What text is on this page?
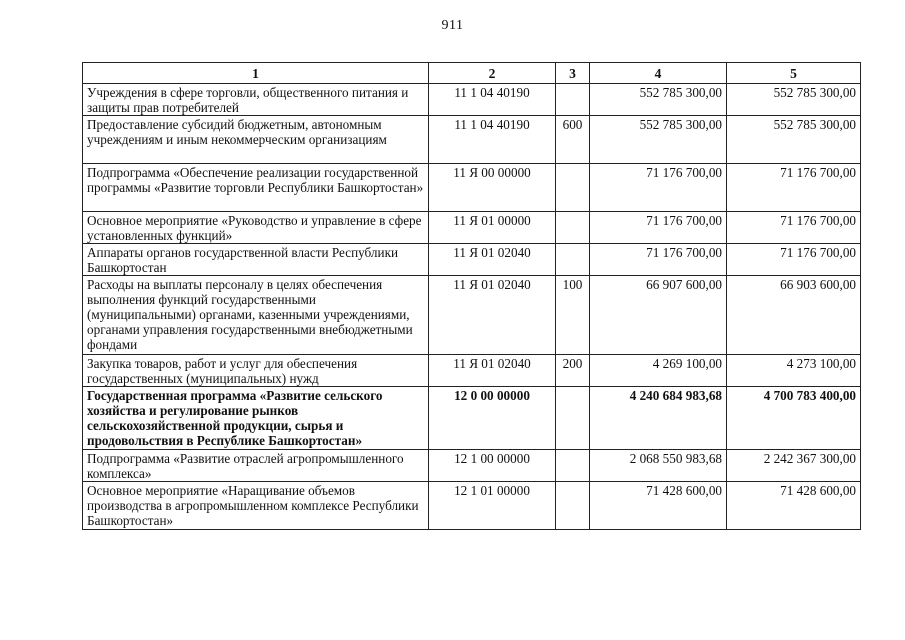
911
1	2	3	4	5
Учреждения в сфере торговли, общественного питания и защиты прав потребителей	11 1 04 40190		552 785 300,00	552 785 300,00
Предоставление субсидий бюджетным, автономным учреждениям и иным некоммерческим организациям	11 1 04 40190	600	552 785 300,00	552 785 300,00
Подпрограмма «Обеспечение реализации государственной программы «Развитие торговли Республики Башкортостан»	11 Я 00 00000		71 176 700,00	71 176 700,00
Основное мероприятие «Руководство и управление в сфере установленных функций»	11 Я 01 00000		71 176 700,00	71 176 700,00
Аппараты органов государственной власти Республики Башкортостан	11 Я 01 02040		71 176 700,00	71 176 700,00
Расходы на выплаты персоналу в целях обеспечения выполнения функций государственными (муниципальными) органами, казенными учреждениями, органами управления государственными внебюджетными фондами	11 Я 01 02040	100	66 907 600,00	66 903 600,00
Закупка товаров, работ и услуг для обеспечения государственных (муниципальных) нужд	11 Я 01 02040	200	4 269 100,00	4 273 100,00
Государственная программа «Развитие сельского хозяйства и регулирование рынков сельскохозяйственной продукции, сырья и продовольствия в Республике Башкортостан»	12 0 00 00000		4 240 684 983,68	4 700 783 400,00
Подпрограмма «Развитие отраслей агропромышленного комплекса»	12 1 00 00000		2 068 550 983,68	2 242 367 300,00
Основное мероприятие «Наращивание объемов производства в агропромышленном комплексе Республики Башкортостан»	12 1 01 00000		71 428 600,00	71 428 600,00
